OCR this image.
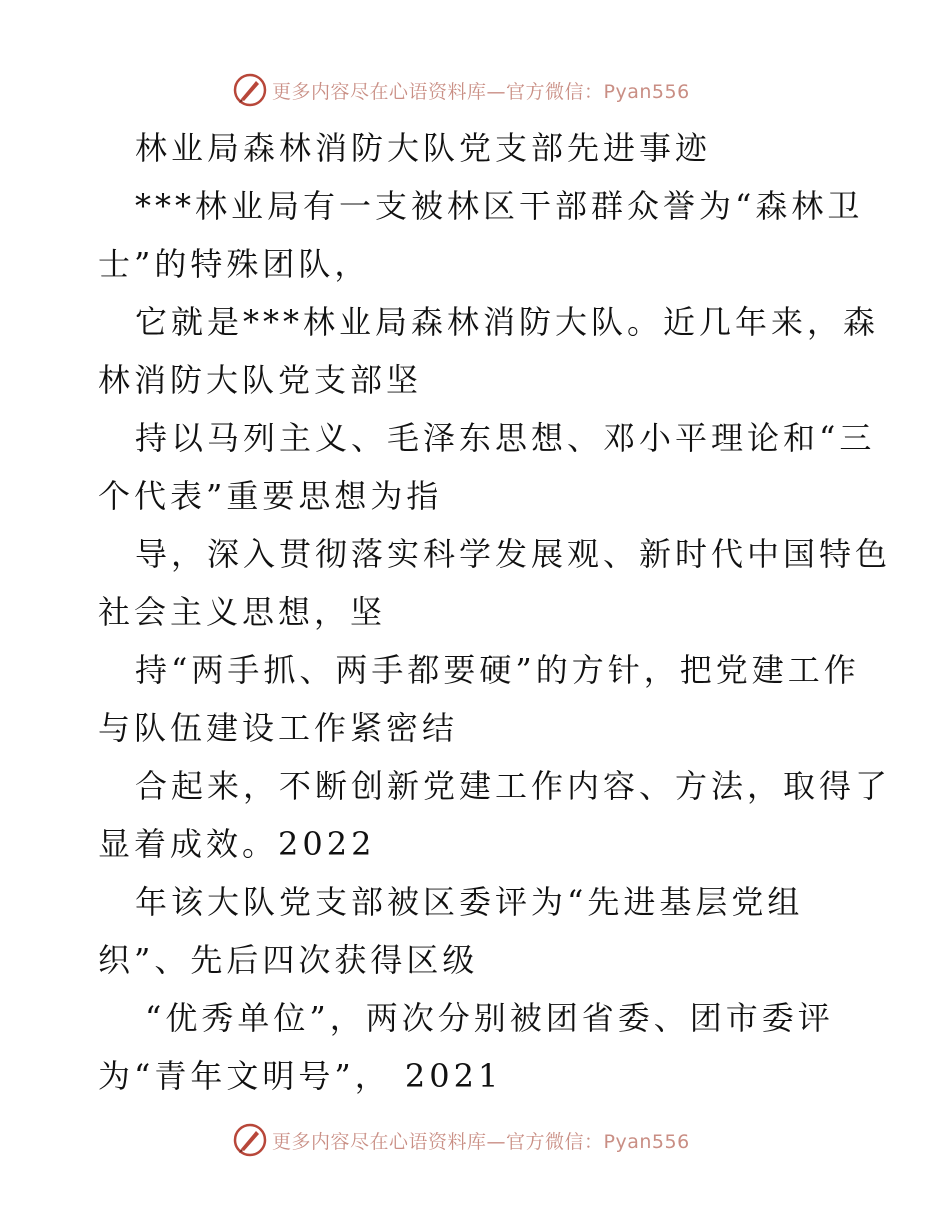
更多内容尽在心语资料库—官方微信：Pyan556
林业局森林消防大队党支部先进事迹
***林业局有一支被林区干部群众誉为“森林卫
士”的特殊团队，
它就是***林业局森林消防大队。近几年来，森
林消防大队党支部坚
持以马列主义、毛泽东思想、邓小平理论和“三
个代表”重要思想为指
导，深入贯彻落实科学发展观、新时代中国特色
社会主义思想，坚
持“两手抓、两手都要硬”的方针，把党建工作
与队伍建设工作紧密结
合起来，不断创新党建工作内容、方法，取得了
显着成效。2022
年该大队党支部被区委评为“先进基层党组
织”、先后四次获得区级
“优秀单位”，两次分别被团省委、团市委评
为“青年文明号”， 2021
更多内容尽在心语资料库—官方微信：Pyan556
